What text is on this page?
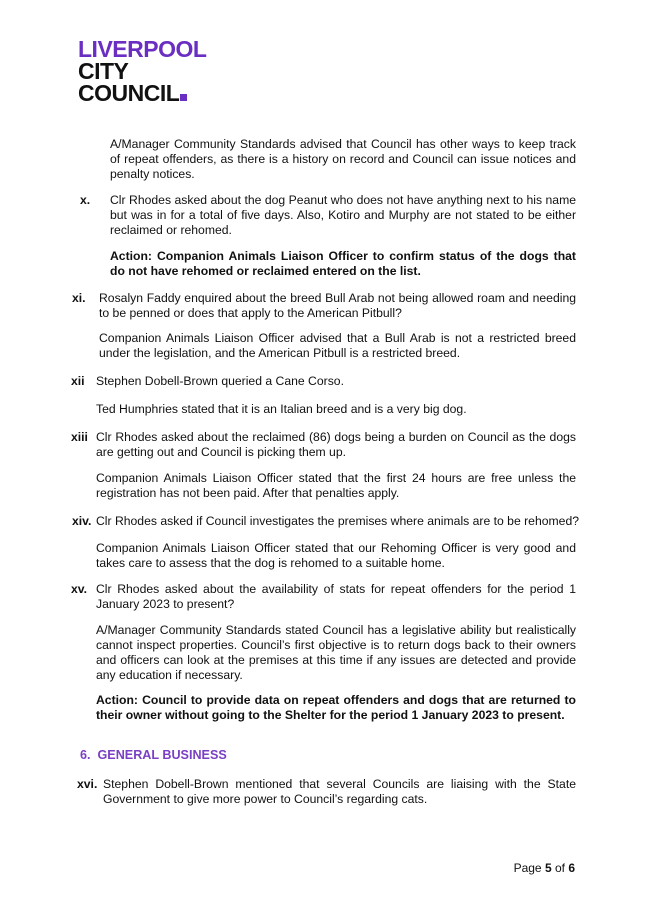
LIVERPOOL
CITY
COUNCIL
A/Manager Community Standards advised that Council has other ways to keep track of repeat offenders, as there is a history on record and Council can issue notices and penalty notices.
x. Clr Rhodes asked about the dog Peanut who does not have anything next to his name but was in for a total of five days. Also, Kotiro and Murphy are not stated to be either reclaimed or rehomed.
Action: Companion Animals Liaison Officer to confirm status of the dogs that do not have rehomed or reclaimed entered on the list.
xi. Rosalyn Faddy enquired about the breed Bull Arab not being allowed roam and needing to be penned or does that apply to the American Pitbull?
Companion Animals Liaison Officer advised that a Bull Arab is not a restricted breed under the legislation, and the American Pitbull is a restricted breed.
xii Stephen Dobell-Brown queried a Cane Corso.
Ted Humphries stated that it is an Italian breed and is a very big dog.
xiii Clr Rhodes asked about the reclaimed (86) dogs being a burden on Council as the dogs are getting out and Council is picking them up.
Companion Animals Liaison Officer stated that the first 24 hours are free unless the registration has not been paid. After that penalties apply.
xiv. Clr Rhodes asked if Council investigates the premises where animals are to be rehomed?
Companion Animals Liaison Officer stated that our Rehoming Officer is very good and takes care to assess that the dog is rehomed to a suitable home.
xv. Clr Rhodes asked about the availability of stats for repeat offenders for the period 1 January 2023 to present?
A/Manager Community Standards stated Council has a legislative ability but realistically cannot inspect properties. Council’s first objective is to return dogs back to their owners and officers can look at the premises at this time if any issues are detected and provide any education if necessary.
Action: Council to provide data on repeat offenders and dogs that are returned to their owner without going to the Shelter for the period 1 January 2023 to present.
6. GENERAL BUSINESS
xvi. Stephen Dobell-Brown mentioned that several Councils are liaising with the State Government to give more power to Council’s regarding cats.
Page 5 of 6
